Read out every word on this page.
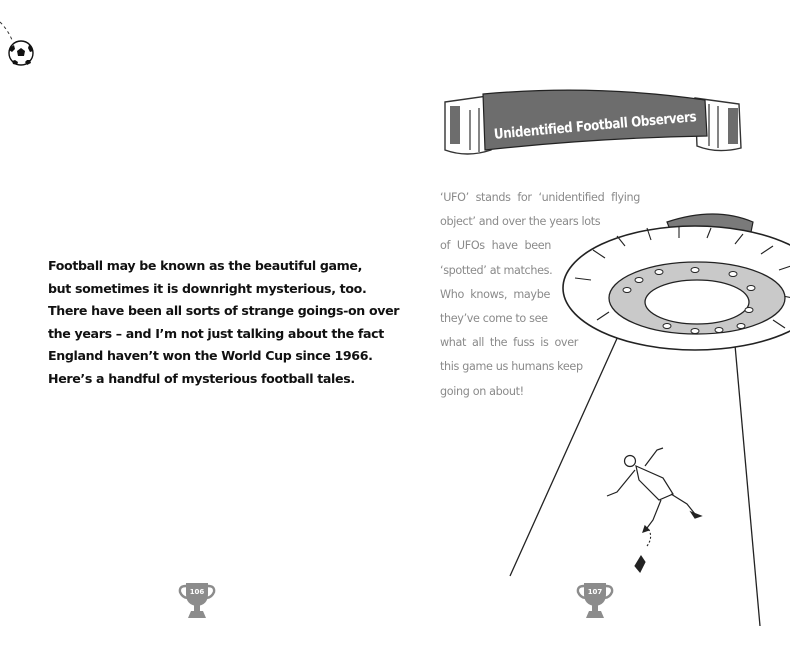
Football may be known as the beautiful game,
but sometimes it is downright mysterious, too.
There have been all sorts of strange goings-on over
the years – and I’m not just talking about the fact
England haven’t won the World Cup since 1966.
Here’s a handful of mysterious football tales.
106
Unidentified Football Observers
‘UFO’ stands for ‘unidentified flying
object’ and over the years lots
of UFOs have been
‘spotted’ at matches.
Who knows, maybe
they’ve come to see
what all the fuss is over
this game us humans keep
going on about!
107
